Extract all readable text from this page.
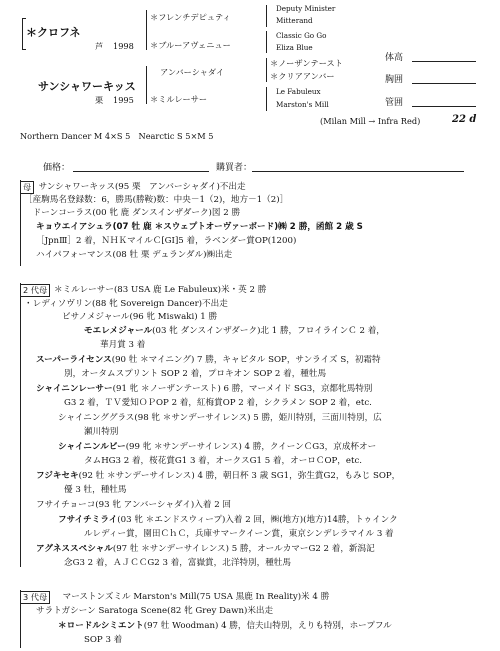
＊クロフネ
芦 1998
サンシャワーキッス
栗 1995
＊フレンチデピュティ
＊ブルーアヴェニュー
アンバーシャダイ
＊ミルレーサー
Deputy Minister
Mitterand
Classic Go Go
Eliza Blue
＊ノーザンテースト
＊クリアアンバー
Le Fabuleux
Marston's Mill
体高
胸囲
管囲
(Milan Mill → Infra Red)	22 d
Northern Dancer M 4×S 5　Nearctic S 5×M 5
価格：	購買者：
母
　サンシャワーキッス(95 栗　アンバーシャダイ)不出走
［産駒馬名登録数：6，勝馬(勝鞍)数：中央－1（2)，地方－1（2)］
　ドーンコーラス(00 牝 鹿 ダンスインザダーク)図 2 勝
キョウエイアシュラ(07 牡 鹿 ＊スウェプトオーヴァーボード)㈱ 2 勝，函館 2 歳 S
［JpnⅢ］2 着，ＮＨＫマイルＣ[GⅠ]5 着，ラベンダー賞OP(1200)
ハイパフォーマンス(08 牡 栗 デュランダル)㈱出走
2 代母 ＊ミルレーサー(83 USA 鹿 Le Fabuleux)米・英 2 勝
・レディソヴリン(88 牝 Sovereign Dancer)不出走
ビサノメジャール(96 牝 Miswaki) 1 勝
モエレメジャール(03 牝 ダンスインザダーク)北 1 勝，フロイラインＣ 2 着，
華月賞 3 着
スーパーライセンス(90 牡 ＊マイニング) 7 勝，キャピタル SOP，サンライズ S，初霜特
別，オータムスプリント SOP 2 着，プロキオン SOP 2 着，種牡馬
シャイニンレーサー(91 牝 ＊ノーザンテースト) 6 勝，マーメイド SG3，京都牝馬特別
G3 2 着，ＴＶ愛知ＯＰOP 2 着，紅梅賞OP 2 着，シクラメン SOP 2 着，etc.
シャイニンググラス(98 牝 ＊サンデーサイレンス) 5 勝，姫川特別，三面川特別，広
瀬川特別
シャイニンルビー(99 牝 ＊サンデーサイレンス) 4 勝，クイーンＣG3，京成杯オー
タムHG3 2 着，桜花賞G1 3 着，オークスG1 5 着，オーロＣOP，etc.
フジキセキ(92 牡 ＊サンデーサイレンス) 4 勝，朝日杯 3 歳 SG1，弥生賞G2，もみじ SOP，
優 3 牡，種牡馬
フサイチョーコ(93 牝 アンバーシャダイ)入着 2 回
フサイチミライ(03 牝 ＊エンドスウィープ)入着 2 回，㈱(地方)(地方)14勝，トゥインク
ルレディー賞，園田ＣｈＣ，兵庫サマークイーン賞，東京シンデレラマイル 3 着
アグネススペシャル(97 牡 ＊サンデーサイレンス) 5 勝，オールカマーG2 2 着，新潟記
念G3 2 着，ＡＪＣＣG2 3 着，富嶽賞，北洋特別，種牡馬
3 代母 　マーストンズミル Marston's Mill(75 USA 黒鹿 In Reality)米 4 勝
サラトガシーン Saratoga Scene(82 牝 Grey Dawn)米出走
＊ロードルシミエント(97 牡 Woodman) 4 勝，信夫山特別，えりも特別，ホープフル
SOP 3 着
